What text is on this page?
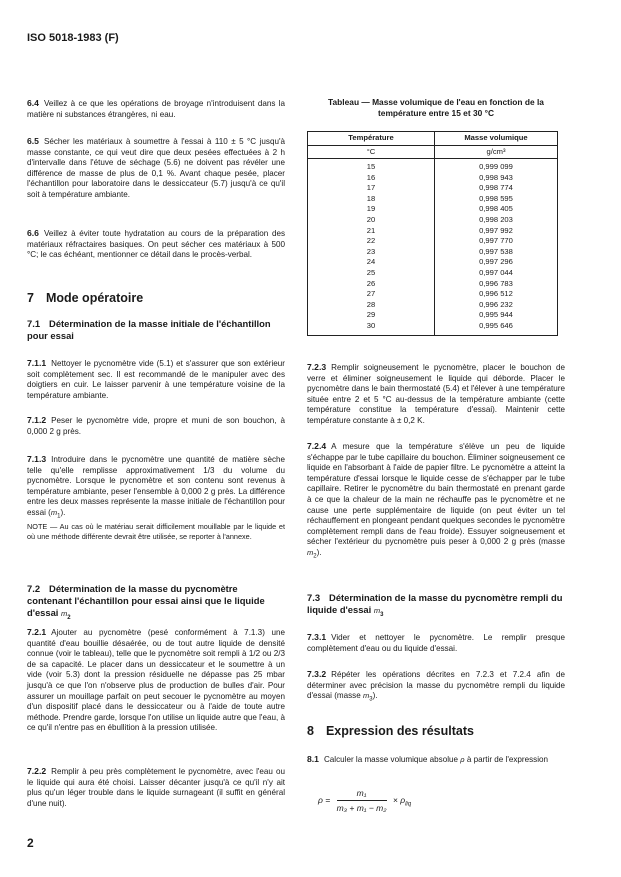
ISO 5018-1983 (F)
6.4 Veillez à ce que les opérations de broyage n'introduisent dans la matière ni substances étrangères, ni eau.
6.5 Sécher les matériaux à soumettre à l'essai à 110 ± 5 °C jusqu'à masse constante, ce qui veut dire que deux pesées effectuées à 2 h d'intervalle dans l'étuve de séchage (5.6) ne doivent pas révéler une différence de masse de plus de 0,1 %. Avant chaque pesée, placer l'échantillon pour laboratoire dans le dessiccateur (5.7) jusqu'à ce qu'il soit à température ambiante.
6.6 Veillez à éviter toute hydratation au cours de la préparation des matériaux réfractaires basiques. On peut sécher ces matériaux à 500 °C; le cas échéant, mentionner ce détail dans le procès-verbal.
7 Mode opératoire
7.1 Détermination de la masse initiale de l'échantillon pour essai
7.1.1 Nettoyer le pycnomètre vide (5.1) et s'assurer que son extérieur soit complètement sec. Il est recommandé de le manipuler avec des doigtiers en cuir. Le laisser parvenir à une température voisine de la température ambiante.
7.1.2 Peser le pycnomètre vide, propre et muni de son bouchon, à 0,000 2 g près.
7.1.3 Introduire dans le pycnomètre une quantité de matière sèche telle qu'elle remplisse approximativement 1/3 du volume du pycnomètre. Lorsque le pycnomètre et son contenu sont revenus à température ambiante, peser l'ensemble à 0,000 2 g près. La différence entre les deux masses représente la masse initiale de l'échantillon pour essai $(m_1)$.
NOTE — Au cas où le matériau serait difficilement mouillable par le liquide et où une méthode différente devrait être utilisée, se reporter à l'annexe.
7.2 Détermination de la masse du pycnomètre contenant l'échantillon pour essai ainsi que le liquide d'essai $m_2$
7.2.1 Ajouter au pycnomètre (pesé conformément à 7.1.3) une quantité d'eau bouillie désaérée, ou de tout autre liquide de densité connue (voir le tableau), telle que le pycnomètre soit rempli à 1/2 ou 2/3 de sa capacité. Le placer dans un dessiccateur et le soumettre à un vide (voir 5.3) dont la pression résiduelle ne dépasse pas 25 mbar jusqu'à ce que l'on n'observe plus de production de bulles d'air. Pour assurer un mouillage parfait on peut secouer le pycnomètre au moyen d'un dispositif placé dans le dessiccateur ou à l'aide de toute autre méthode. Prendre garde, lorsque l'on utilise un liquide autre que l'eau, à ce qu'il n'entre pas en ébullition à la pression utilisée.
7.2.2 Remplir à peu près complètement le pycnomètre, avec l'eau ou le liquide qui aura été choisi. Laisser décanter jusqu'à ce qu'il n'y ait plus qu'un léger trouble dans le liquide surnageant (il suffit en général d'une nuit).
2
Tableau — Masse volumique de l'eau en fonction de la
température entre 15 et 30 °C
Température	Masse volumique
°C	g/cm³
15	0,999 099
16	0,998 943
17	0,998 774
18	0,998 595
19	0,998 405
20	0,998 203
21	0,997 992
22	0,997 770
23	0,997 538
24	0,997 296
25	0,997 044
26	0,996 783
27	0,996 512
28	0,996 232
29	0,995 944
30	0,995 646
7.2.3 Remplir soigneusement le pycnomètre, placer le bouchon de verre et éliminer soigneusement le liquide qui déborde. Placer le pycnomètre dans le bain thermostaté (5.4) et l'élever à une température située entre 2 et 5 °C au-dessus de la température ambiante (cette température constitue la température d'essai). Maintenir cette température constante à ± 0,2 K.
7.2.4 A mesure que la température s'élève un peu de liquide s'échappe par le tube capillaire du bouchon. Éliminer soigneusement ce liquide en l'absorbant à l'aide de papier filtre. Le pycnomètre a atteint la température d'essai lorsque le liquide cesse de s'échapper par le tube capillaire. Retirer le pycnomètre du bain thermostaté en prenant garde à ce que la chaleur de la main ne réchauffe pas le pycnomètre et ne cause une perte supplémentaire de liquide (on peut éviter un tel réchauffement en plongeant pendant quelques secondes le pycnomètre complètement rempli dans de l'eau froide). Essuyer soigneusement et sécher l'extérieur du pycnomètre puis peser à 0,000 2 g près (masse $m_2$).
7.3 Détermination de la masse du pycnomètre rempli du liquide d'essai $m_3$
7.3.1 Vider et nettoyer le pycnomètre. Le remplir presque complètement d'eau ou du liquide d'essai.
7.3.2 Répéter les opérations décrites en 7.2.3 et 7.2.4 afin de déterminer avec précision la masse du pycnomètre rempli du liquide d'essai (masse $m_3$).
8 Expression des résultats
8.1 Calculer la masse volumique absolue ρ à partir de l'expression
$\rho = \frac{\text{m₁}}{\text{m₃ + m₁ − m₂}} \times \rho_{liq}$
